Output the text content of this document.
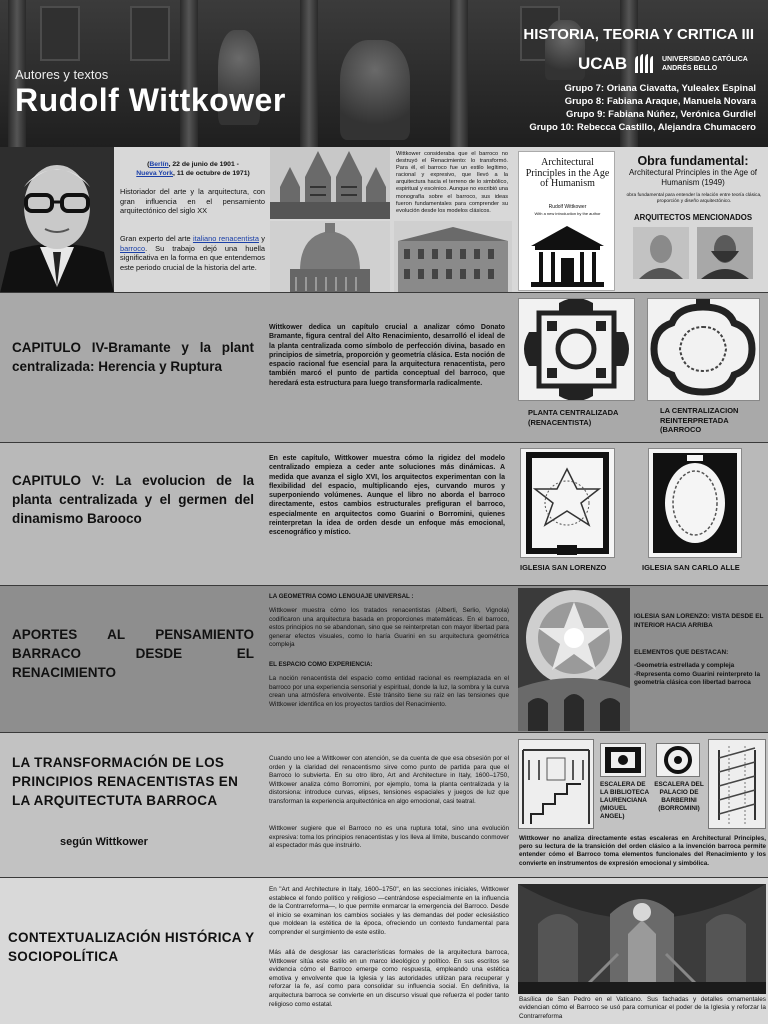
Autores y textos
Rudolf Wittkower
HISTORIA, TEORIA Y CRITICA III
UCAB	UNIVERSIDAD CATÓLICA
ANDRÉS BELLO
Grupo 7: Oriana Ciavatta, Yulealex Espinal
Grupo 8: Fabiana Araque, Manuela Novara
Grupo 9: Fabiana Núñez, Verónica Gurdiel
Grupo 10: Rebecca Castillo, Alejandra Chumacero
(Berlín, 22 de junio de 1901 -
Nueva York, 11 de octubre de 1971)
Historiador del arte y la arquitectura, con gran influencia en el pensamiento arquitectónico del siglo XX
Gran experto del arte italiano renacentista y barroco. Su trabajo dejó una huella significativa en la forma en que entendemos este periodo crucial de la historia del arte.
Wittkower consideraba que el barroco no destruyó el Renacimiento: lo transformó. Para él, el barroco fue un estilo legítimo, racional y expresivo, que llevó a la arquitectura hacia el terreno de lo simbólico, espiritual y escénico. Aunque no escribió una monografía sobre el barroco, sus ideas fueron fundamentales para comprender su evolución desde los modelos clásicos.
Architectural Principles in the Age of Humanism
Rudolf Wittkower
With a new introduction by the author
Obra fundamental:
Architectural Principles in the Age of Humanism (1949)
obra fundamental para entender la relación entre teoría clásica, proporción y diseño arquitectónico.
ARQUITECTOS MENCIONADOS
CAPITULO IV-Bramante y la plant centralizada: Herencia y Ruptura
Wittkower dedica un capítulo crucial a analizar cómo Donato Bramante, figura central del Alto Renacimiento, desarrolló el ideal de la planta centralizada como símbolo de perfección divina, basado en principios de simetría, proporción y geometría clásica. Esta noción de espacio racional fue esencial para la arquitectura renacentista, pero también marcó el punto de partida conceptual del barroco, que heredará esta estructura para luego transformarla radicalmente.
PLANTA CENTRALIZADA (RENACENTISTA)
LA CENTRALIZACION REINTERPRETADA (BARROCO
CAPITULO V: La evolucion de la planta centralizada y el germen del dinamismo Barooco
En este capítulo, Wittkower muestra cómo la rigidez del modelo centralizado empieza a ceder ante soluciones más dinámicas. A medida que avanza el siglo XVI, los arquitectos experimentan con la flexibilidad del espacio, multiplicando ejes, curvando muros y superponiendo volúmenes. Aunque el libro no aborda el barroco directamente, estos cambios estructurales prefiguran el barroco, especialmente en arquitectos como Guarini o Borromini, quienes reinterpretan la idea de orden desde un enfoque más emocional, escenográfico y místico.
IGLESIA SAN LORENZO	IGLESIA SAN CARLO ALLE
APORTES AL PENSAMIENTO BARRACO DESDE EL RENACIMIENTO
LA GEOMETRIA COMO LENGUAJE UNIVERSAL :
Wittkower muestra cómo los tratados renacentistas (Alberti, Serlio, Vignola) codificaron una arquitectura basada en proporciones matemáticas. En el barroco, estos principios no se abandonan, sino que se reinterpretan con mayor libertad para generar efectos visuales, como lo haría Guarini en su arquitectura geométrica compleja
EL ESPACIO COMO EXPERIENCIA:
La noción renacentista del espacio como entidad racional es reemplazada en el barroco por una experiencia sensorial y espiritual, donde la luz, la sombra y la curva crean una atmósfera envolvente. Este tránsito tiene su raíz en las tensiones que Wittkower identifica en los proyectos tardíos del Renacimiento.
IGLESIA SAN LORENZO: VISTA DESDE EL INTERIOR HACIA ARRIBA
ELEMENTOS QUE DESTACAN:
-Geometría estrellada y compleja
-Representa como Guarini reinterpreto la geometría clásica con libertad barroca
LA TRANSFORMACIÓN DE LOS PRINCIPIOS RENACENTISTAS EN LA ARQUITECTUTA BARROCA
según Wittkower
Cuando uno lee a Wittkower con atención, se da cuenta de que esa obsesión por el orden y la claridad del renacentismo sirve como punto de partida para que el Barroco lo subvierta. En su otro libro, Art and Architecture in Italy, 1600–1750, Wittkower analiza cómo Borromini, por ejemplo, toma la planta centralizada y la distorsiona: introduce curvas, elipses, tensiones espaciales y juegos de luz que transforman la experiencia arquitectónica en algo emocional, casi teatral.
Wittkower sugiere que el Barroco no es una ruptura total, sino una evolución expresiva: toma los principios renacentistas y los lleva al límite, buscando conmover al espectador más que instruirlo.
ESCALERA DE LA BIBLIOTECA LAURENCIANA (MIGUEL ANGEL)
ESCALERA DEL PALACIO DE BARBERINI (BORROMINI)
Wittkower no analiza directamente estas escaleras en Architectural Principles, pero su lectura de la transición del orden clásico a la invención barroca permite entender cómo el Barroco toma elementos funcionales del Renacimiento y los convierte en instrumentos de expresión emocional y simbólica.
CONTEXTUALIZACIÓN HISTÓRICA Y SOCIOPOLÍTICA
En "Art and Architecture in Italy, 1600–1750", en las secciones iniciales, Wittkower establece el fondo político y religioso —centrándose especialmente en la influencia de la Contrarreforma—, lo que permite enmarcar la emergencia del Barroco. Desde el inicio se examinan los cambios sociales y las demandas del poder eclesiástico que moldean la estética de la época, ofreciendo un contexto fundamental para comprender el surgimiento de este estilo.
Más allá de desglosar las características formales de la arquitectura barroca, Wittkower sitúa este estilo en un marco ideológico y político. En sus escritos se evidencia cómo el Barroco emerge como respuesta, empleando una estética emotiva y envolvente que la Iglesia y las autoridades utilizan para recuperar y reforzar la fe, así como para consolidar su influencia social. En definitiva, la arquitectura barroca se convierte en un discurso visual que refuerza el poder tanto religioso como estatal.
Basílica de San Pedro en el Vaticano. Sus fachadas y detalles ornamentales evidencian cómo el Barroco se usó para comunicar el poder de la Iglesia y reforzar la Contrarreforma
